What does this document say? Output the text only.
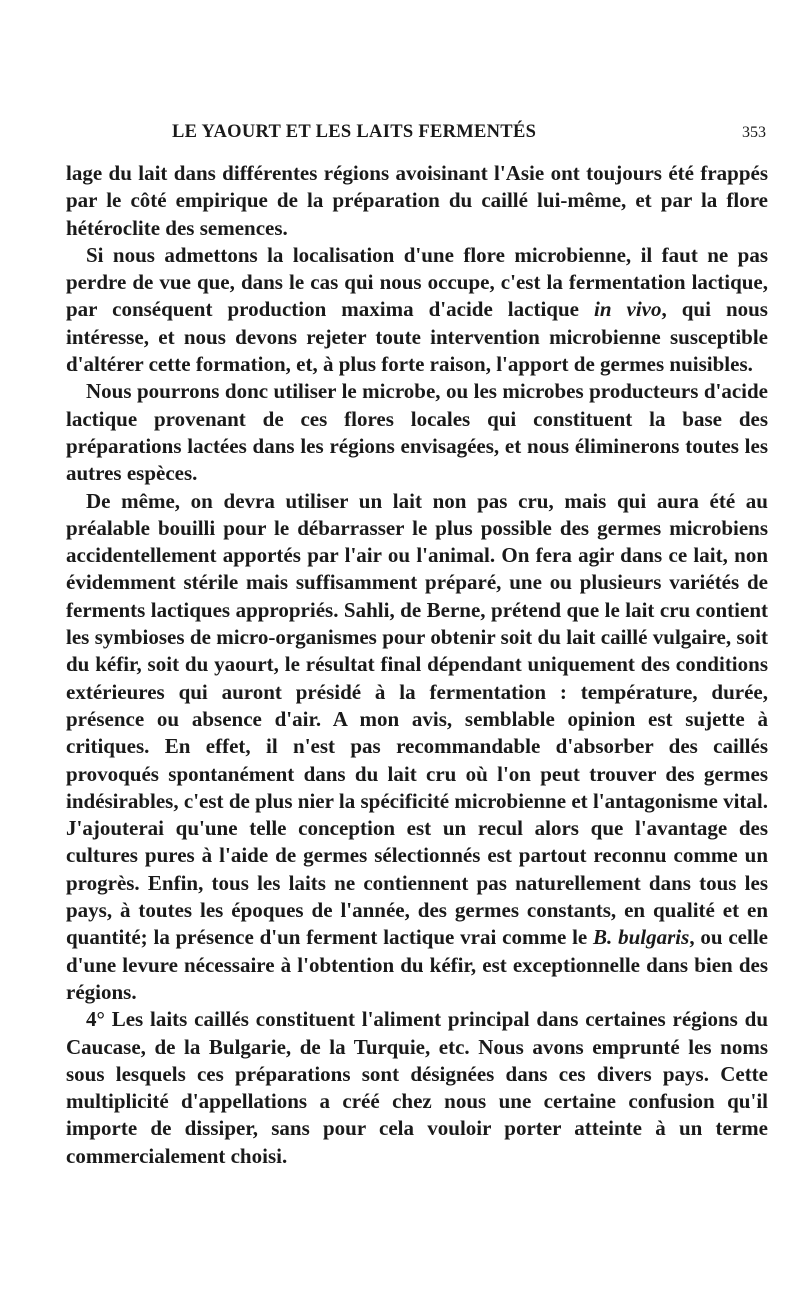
LE YAOURT ET LES LAITS FERMENTÉS	353

lage du lait dans différentes régions avoisinant l'Asie ont toujours été frappés par le côté empirique de la préparation du caillé lui-même, et par la flore hétéroclite des semences.

Si nous admettons la localisation d'une flore microbienne, il faut ne pas perdre de vue que, dans le cas qui nous occupe, c'est la fermentation lactique, par conséquent production maxima d'acide lactique in vivo, qui nous intéresse, et nous devons rejeter toute intervention microbienne susceptible d'altérer cette formation, et, à plus forte raison, l'apport de germes nuisibles.

Nous pourrons donc utiliser le microbe, ou les microbes producteurs d'acide lactique provenant de ces flores locales qui constituent la base des préparations lactées dans les régions envisagées, et nous éliminerons toutes les autres espèces.

De même, on devra utiliser un lait non pas cru, mais qui aura été au préalable bouilli pour le débarrasser le plus possible des germes microbiens accidentellement apportés par l'air ou l'animal. On fera agir dans ce lait, non évidemment stérile mais suffisamment préparé, une ou plusieurs variétés de ferments lactiques appropriés. Sahli, de Berne, prétend que le lait cru contient les symbioses de micro-organismes pour obtenir soit du lait caillé vulgaire, soit du kéfir, soit du yaourt, le résultat final dépendant uniquement des conditions extérieures qui auront présidé à la fermentation : température, durée, présence ou absence d'air. A mon avis, semblable opinion est sujette à critiques. En effet, il n'est pas recommandable d'absorber des caillés provoqués spontanément dans du lait cru où l'on peut trouver des germes indésirables, c'est de plus nier la spécificité microbienne et l'antagonisme vital. J'ajouterai qu'une telle conception est un recul alors que l'avantage des cultures pures à l'aide de germes sélectionnés est partout reconnu comme un progrès. Enfin, tous les laits ne contiennent pas naturellement dans tous les pays, à toutes les époques de l'année, des germes constants, en qualité et en quantité; la présence d'un ferment lactique vrai comme le B. bulgaris, ou celle d'une levure nécessaire à l'obtention du kéfir, est exceptionnelle dans bien des régions.

4° Les laits caillés constituent l'aliment principal dans certaines régions du Caucase, de la Bulgarie, de la Turquie, etc. Nous avons emprunté les noms sous lesquels ces préparations sont désignées dans ces divers pays. Cette multiplicité d'appellations a créé chez nous une certaine confusion qu'il importe de dissiper, sans pour cela vouloir porter atteinte à un terme commercialement choisi.
